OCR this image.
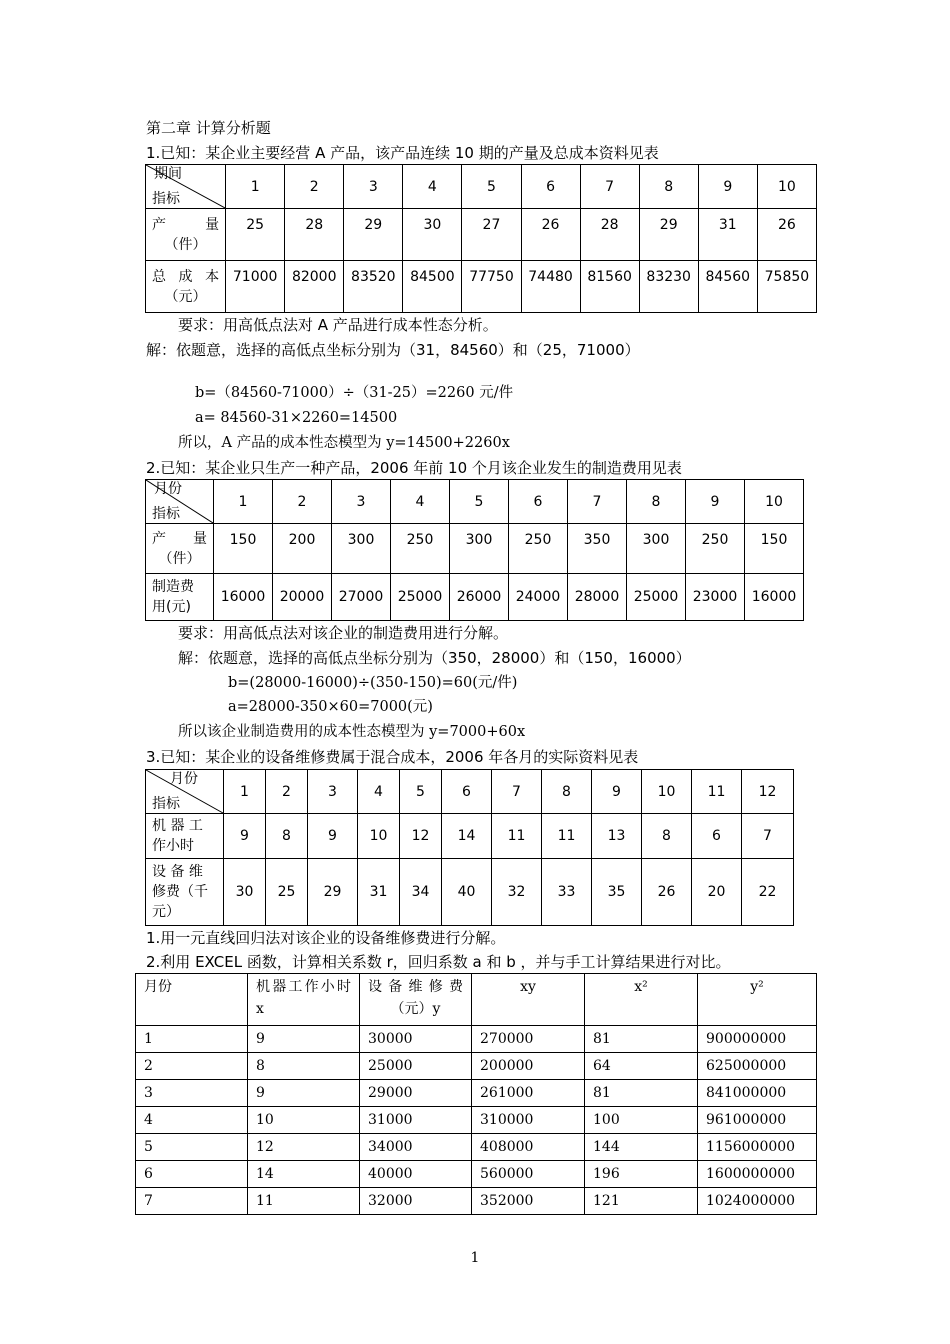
第二章 计算分析题
1.已知：某企业主要经营 A 产品，该产品连续 10 期的产量及总成本资料见表
期间
指标	1	2	3	4	5	6	7	8	9	10

产 量
（件）	25	28	29	30	27	26	28	29	31	26

总 成 本
（元）	71000	82000	83520	84500	77750	74480	81560	83230	84560	75850
要求：用高低点法对 A 产品进行成本性态分析。
解：依题意，选择的高低点坐标分别为（31，84560）和（25，71000）
b=（84560-71000）÷（31-25）=2260 元/件
a= 84560-31×2260=14500
所以，A 产品的成本性态模型为 y=14500+2260x
2.已知：某企业只生产一种产品，2006 年前 10 个月该企业发生的制造费用见表
月份
指标	1	2	3	4	5	6	7	8	9	10

产 量
（件）	150	200	300	250	300	250	350	300	250	150

制造费
用(元)	16000	20000	27000	25000	26000	24000	28000	25000	23000	16000
要求：用高低点法对该企业的制造费用进行分解。
解：依题意，选择的高低点坐标分别为（350，28000）和（150，16000）
b=(28000-16000)÷(350-150)=60(元/件)
a=28000-350×60=7000(元)
所以该企业制造费用的成本性态模型为 y=7000+60x
3.已知：某企业的设备维修费属于混合成本，2006 年各月的实际资料见表
月份
指标	1	2	3	4	5	6	7	8	9	10	11	12

机 器 工
作小时	9	8	9	10	12	14	11	11	13	8	6	7

设 备 维
修费（千
元）	30	25	29	31	34	40	32	33	35	26	20	22
1.用一元直线回归法对该企业的设备维修费进行分解。
2.利用 EXCEL 函数，计算相关系数 r，回归系数 a 和 b ，并与手工计算结果进行对比。
月份	机器工作小时 x	设备维修费（元）y	xy	x²	y²
1	9	30000	270000	81	900000000
2	8	25000	200000	64	625000000
3	9	29000	261000	81	841000000
4	10	31000	310000	100	961000000
5	12	34000	408000	144	1156000000
6	14	40000	560000	196	1600000000
7	11	32000	352000	121	1024000000
1
